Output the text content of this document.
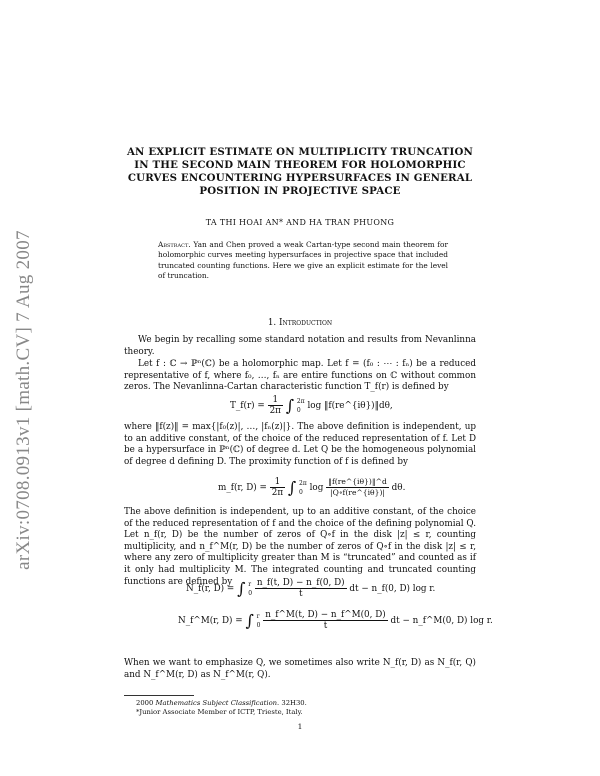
arXiv:0708.0913v1 [math.CV] 7 Aug 2007
AN EXPLICIT ESTIMATE ON MULTIPLICITY TRUNCATION
IN THE SECOND MAIN THEOREM FOR HOLOMORPHIC
CURVES ENCOUNTERING HYPERSURFACES IN GENERAL
POSITION IN PROJECTIVE SPACE
TA THI HOAI AN* AND HA TRAN PHUONG
Abstract. Yan and Chen proved a weak Cartan-type second main theorem for holomorphic curves meeting hypersurfaces in projective space that included truncated counting functions. Here we give an explicit estimate for the level of truncation.
1. Introduction

We begin by recalling some standard notation and results from Nevanlinna theory.

Let f : ℂ → ℙⁿ(ℂ) be a holomorphic map. Let f = (f₀ : ⋯ : fₙ) be a reduced representative of f, where f₀, …, fₙ are entire functions on ℂ without common zeros. The Nevanlinna-Cartan characteristic function T_f(r) is defined by

T_f(r) = $\frac{1}{2\pi}$ ∫ 2π
0 log ‖f(re^{iθ})‖dθ,

where ‖f(z)‖ = max{|f₀(z)|, …, |fₙ(z)|}. The above definition is independent, up to an additive constant, of the choice of the reduced representation of f. Let D be a hypersurface in ℙⁿ(ℂ) of degree d. Let Q be the homogeneous polynomial of degree d defining D. The proximity function of f is defined by

m_f(r, $D) = \frac{1}{2\pi}$ ∫ 2π
0 $\log \frac{‖f(re\^{}\{i\theta\})‖\^{}d}{|Q\circ f(re\^{}\{i\theta\})|} d\theta$.

The above definition is independent, up to an additive constant, of the choice of the reduced representation of f and the choice of the defining polynomial Q. Let n_f(r, D) be the number of zeros of Q∘f in the disk |z| ≤ r, counting multiplicity, and n_f^M(r, D) be the number of zeros of Q∘f in the disk |z| ≤ r, where any zero of multiplicity greater than M is “truncated” and counted as if it only had multiplicity M. The integrated counting and truncated counting functions are defined by

N_f(r, D) = ∫ r
0
$\frac{n\_f(t, D) - n\_f(0, D)}{t}$ dt − n_f(0, D) log r.
N_f^M(r, D) = ∫ r
0
$\frac{n\_f\^{}M(t, D) - n\_f\^{}M(0, D)}{t}$ dt − n_f^M(0, D) log r.

When we want to emphasize Q, we sometimes also write N_f(r, D) as N_f(r, Q) and N_f^M(r, D) as N_f^M(r, Q).

2000 Mathematics Subject Classification. 32H30.
*Junior Associate Member of ICTP, Trieste, Italy.
1
